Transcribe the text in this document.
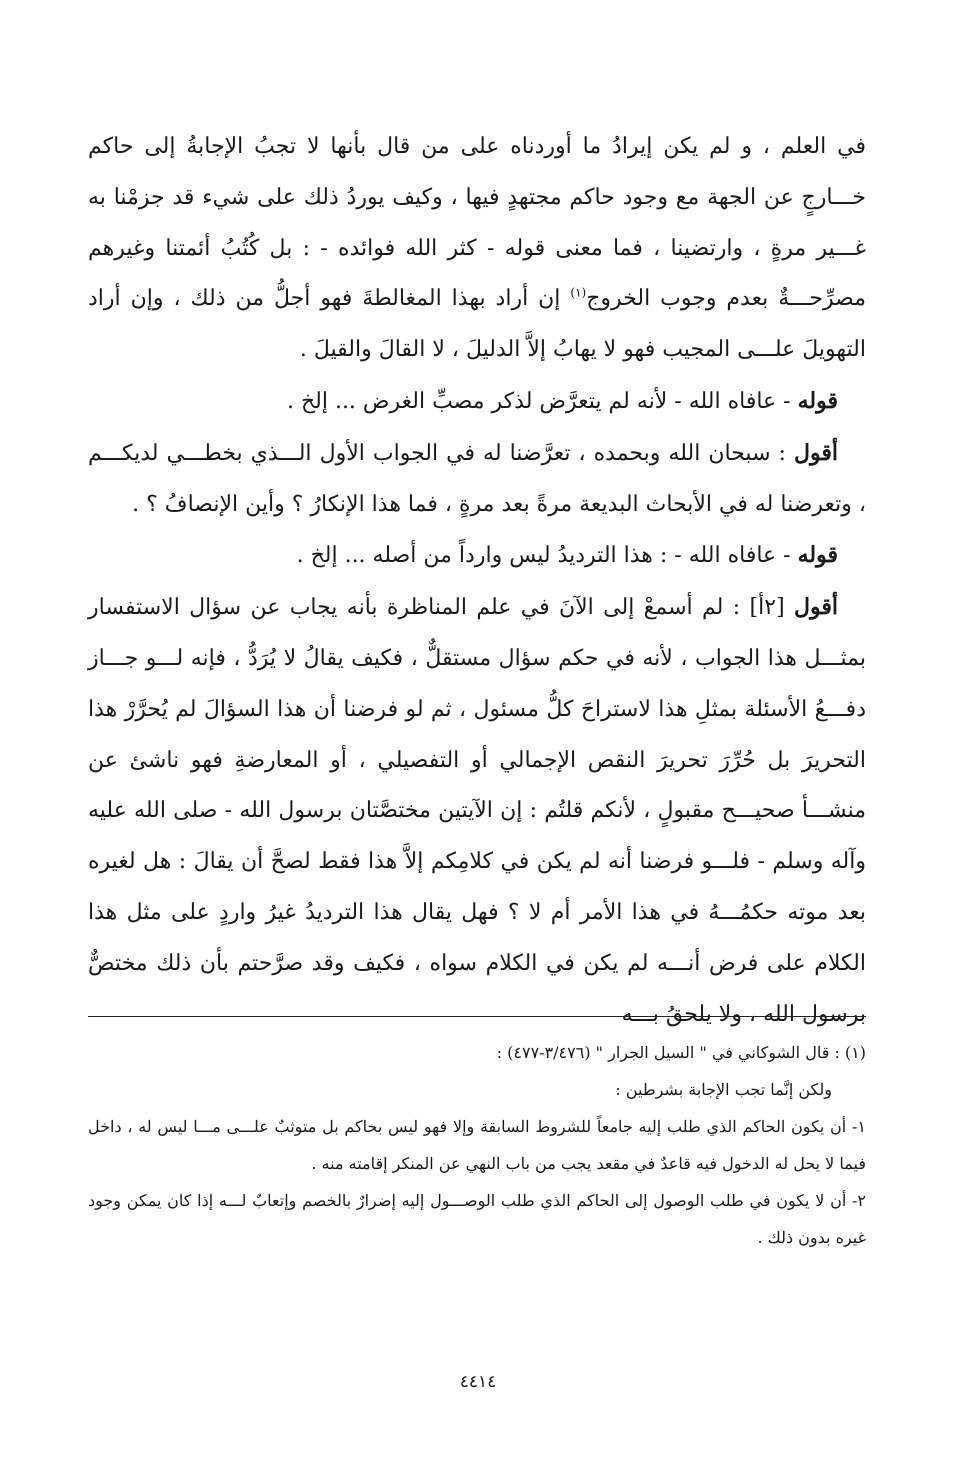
في العلم ، و لم يكن إيرادُ ما أوردناه على من قال بأنها لا تجبُ الإجابةُ إلى حاكم خـــارجٍ عن الجهة مع وجود حاكم مجتهدٍ فيها ، وكيف يوردُ ذلك على شيء قد جزمْنا به غـــير مرةٍ ، وارتضينا ، فما معنى قوله - كثر الله فوائده - : بل كُتُبُ أئمتنا وغيرهم مصرِّحـــةٌ بعدم وجوب الخروج$^{(١)}$ إن أراد بهذا المغالطةَ فهو أجلُّ من ذلك ، وإن أراد التهويلَ علـــى المجيب فهو لا يهابُ إلاَّ الدليلَ ، لا القالَ والقيلَ .

قوله - عافاه الله - لأنه لم يتعرَّض لذكر مصبِّ الغرض ... إلخ .

أقول : سبحان الله وبحمده ، تعرَّضنا له في الجواب الأول الـــذي بخطـــي لديكـــم ، وتعرضنا له في الأبحاث البديعة مرةً بعد مرةٍ ، فما هذا الإنكارُ ؟ وأين الإنصافُ ؟ .

قوله - عافاه الله - : هذا الترديدُ ليس وارداً من أصله ... إلخ .

أقول [٢أ] : لم أسمعْ إلى الآنَ في علم المناظرة بأنه يجاب عن سؤال الاستفسار بمثـــل هذا الجواب ، لأنه في حكم سؤال مستقلٌّ ، فكيف يقالُ لا يُرَدُّ ، فإنه لـــو جـــاز دفـــعُ الأسئلة بمثلِ هذا لاستراحَ كلُّ مسئول ، ثم لو فرضنا أن هذا السؤالَ لم يُحرَّرْ هذا التحريرَ بل حُرِّرَ تحريرَ النقص الإجمالي أو التفصيلي ، أو المعارضةِ فهو ناشئ عن منشـــأ صحيـــح مقبولٍ ، لأنكم قلتُم : إن الآيتين مختصَّتان برسول الله - صلى الله عليه وآله وسلم - فلـــو فرضنا أنه لم يكن في كلامِكم إلاَّ هذا فقط لصحَّ أن يقالَ : هل لغيره بعد موته حكمُـــهُ في هذا الأمر أم لا ؟ فهل يقال هذا الترديدُ غيرُ واردٍ على مثل هذا الكلام على فرض أنـــه لم يكن في الكلام سواه ، فكيف وقد صرَّحتم بأن ذلك مختصٌّ برسول الله ، ولا يلحقُ بـــه

(١) : قال الشوكاني في " السيل الجرار " (٣/٤٧٦-٤٧٧) :

ولكن إنَّما تجب الإجابة بشرطين :

١- أن يكون الحاكم الذي طلب إليه جامعاً للشروط السابقة وإلا فهو ليس بحاكم بل متوثبٌ علـــى مـــا ليس له ، داخل فيما لا يحل له الدخول فيه قاعدٌ في مقعد يجب من باب النهي عن المنكر إقامته منه .

٢- أن لا يكون في طلب الوصول إلى الحاكم الذي طلب الوصـــول إليه إضرارٌ بالخصم وإتعابٌ لـــه إذا كان يمكن وجود غيره بدون ذلك .

٤٤١٤
